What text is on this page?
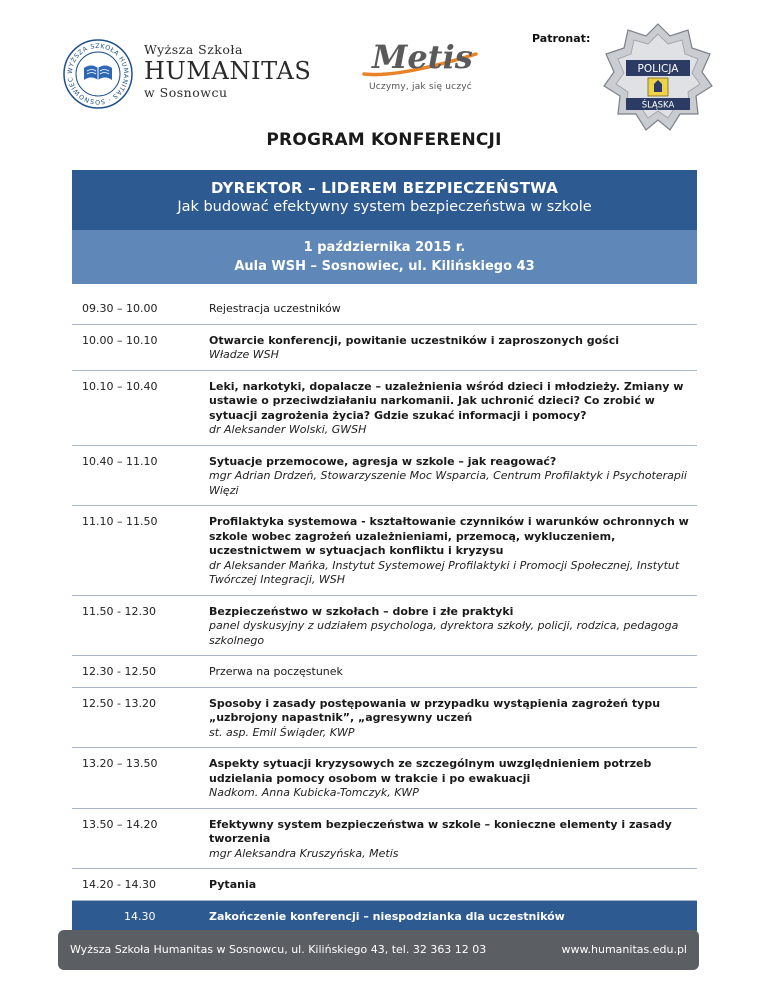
WYŻSZA SZKOŁA HUMANITAS · SOSNOWIEC
Wyższa Szkoła
HUMANITAS
w Sosnowcu
Metis
Uczymy, jak się uczyć
Patronat:
POLICJA
ŚLĄSKA
PROGRAM KONFERENCJI
DYREKTOR – LIDEREM BEZPIECZEŃSTWA
Jak budować efektywny system bezpieczeństwa w szkole
1 października 2015 r.
Aula WSH – Sosnowiec, ul. Kilińskiego 43
09.30 – 10.00	Rejestracja uczestników
10.00 – 10.10	Otwarcie konferencji, powitanie uczestników i zaproszonych gości
Władze WSH
10.10 – 10.40	Leki, narkotyki, dopalacze – uzależnienia wśród dzieci i młodzieży. Zmiany w ustawie o przeciwdziałaniu narkomanii. Jak uchronić dzieci? Co zrobić w sytuacji zagrożenia życia? Gdzie szukać informacji i pomocy?
dr Aleksander Wolski, GWSH
10.40 – 11.10	Sytuacje przemocowe, agresja w szkole – jak reagować?
mgr Adrian Drdzeń, Stowarzyszenie Moc Wsparcia, Centrum Profilaktyk i Psychoterapii Więzi
11.10 – 11.50	Profilaktyka systemowa - kształtowanie czynników i warunków ochronnych w szkole wobec zagrożeń uzależnieniami, przemocą, wykluczeniem, uczestnictwem w sytuacjach konfliktu i kryzysu
dr Aleksander Mańka, Instytut Systemowej Profilaktyki i Promocji Społecznej, Instytut Twórczej Integracji, WSH
11.50 - 12.30	Bezpieczeństwo w szkołach – dobre i złe praktyki
panel dyskusyjny z udziałem psychologa, dyrektora szkoły, policji, rodzica, pedagoga szkolnego
12.30 - 12.50	Przerwa na poczęstunek
12.50 - 13.20	Sposoby i zasady postępowania w przypadku wystąpienia zagrożeń typu „uzbrojony napastnik”, „agresywny uczeń
st. asp. Emil Świąder, KWP
13.20 – 13.50	Aspekty sytuacji kryzysowych ze szczególnym uwzględnieniem potrzeb udzielania pomocy osobom w trakcie i po ewakuacji
Nadkom. Anna Kubicka-Tomczyk, KWP
13.50 – 14.20	Efektywny system bezpieczeństwa w szkole – konieczne elementy i zasady tworzenia
mgr Aleksandra Kruszyńska, Metis
14.20 - 14.30	Pytania
14.30	Zakończenie konferencji – niespodzianka dla uczestników
Wyższa Szkoła Humanitas w Sosnowcu, ul. Kilińskiego 43, tel. 32 363 12 03	www.humanitas.edu.pl
